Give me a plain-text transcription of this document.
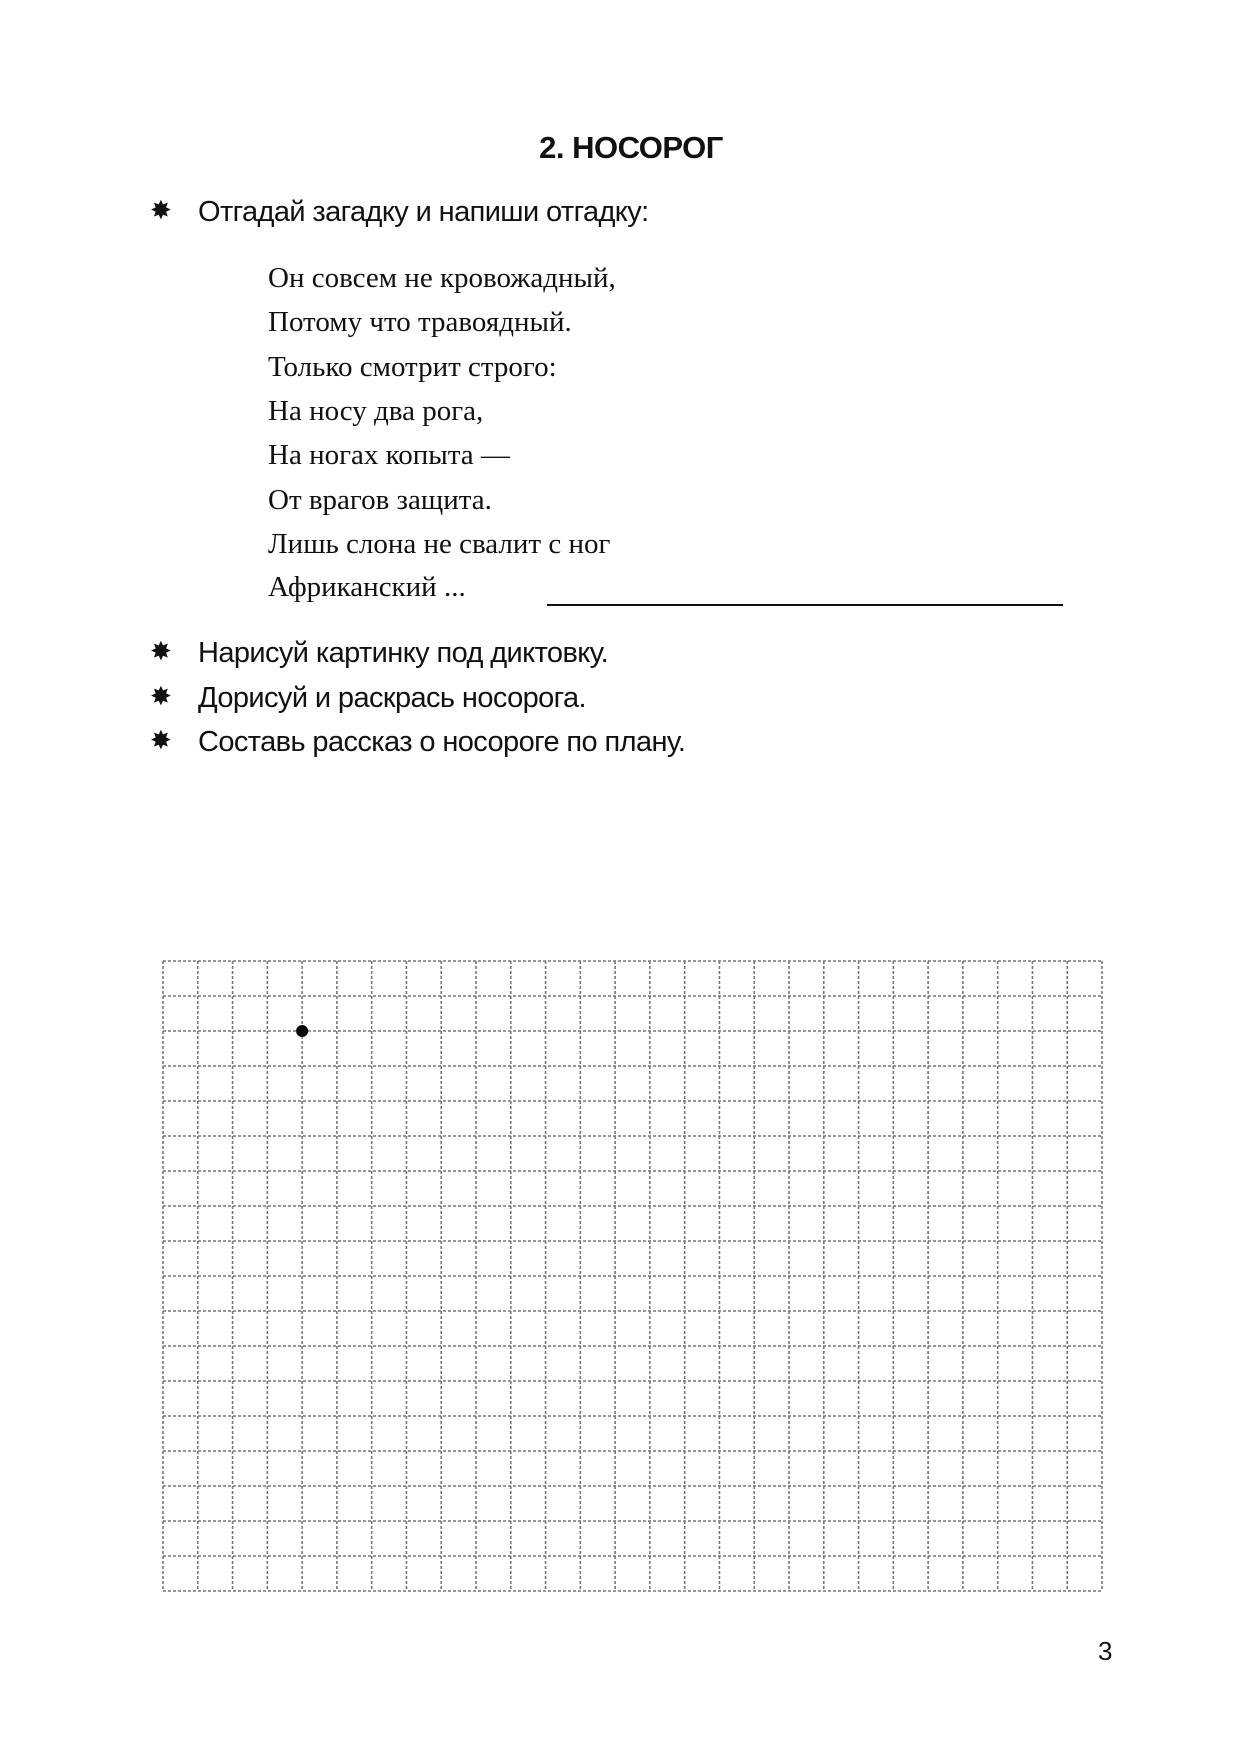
2. НОСОРОГ
✸ Отгадай загадку и напиши отгадку:
Он совсем не кровожадный,
Потому что травоядный.
Только смотрит строго:
На носу два рога,
На ногах копыта —
От врагов защита.
Лишь слона не свалит с ног
Африканский ...
✸ Нарисуй картинку под диктовку.
✸ Дорисуй и раскрась носорога.
✸ Составь рассказ о носороге по плану.
3
